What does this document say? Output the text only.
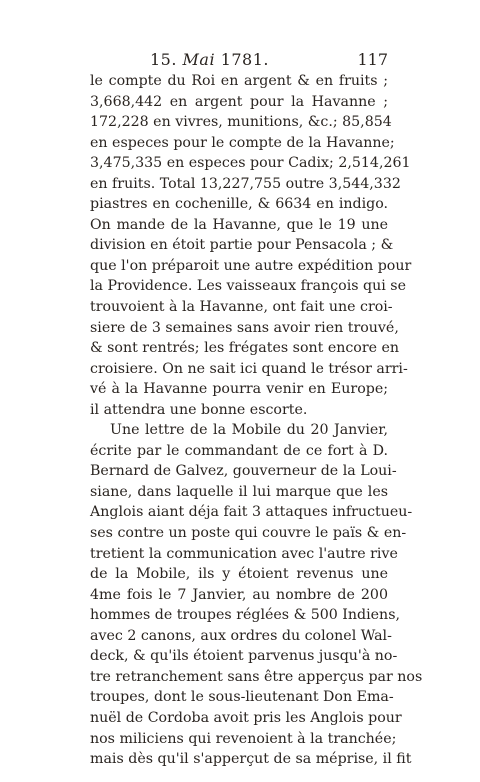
15. Mai 1781.	117
le compte du Roi en argent & en fruits ;
3,668,442 en argent pour la Havanne ;
172,228 en vivres, munitions, &c.; 85,854
en especes pour le compte de la Havanne;
3,475,335 en especes pour Cadix; 2,514,261
en fruits. Total 13,227,755 outre 3,544,332
piastres en cochenille, & 6634 en indigo.
On mande de la Havanne, que le 19 une
division en étoit partie pour Pensacola ; &
que l'on préparoit une autre expédition pour
la Providence. Les vaisseaux françois qui se
trouvoient à la Havanne, ont fait une croi-
siere de 3 semaines sans avoir rien trouvé,
& sont rentrés; les frégates sont encore en
croisiere. On ne sait ici quand le trésor arri-
vé à la Havanne pourra venir en Europe;
il attendra une bonne escorte.
Une lettre de la Mobile du 20 Janvier,
écrite par le commandant de ce fort à D.
Bernard de Galvez, gouverneur de la Loui-
siane, dans laquelle il lui marque que les
Anglois aiant déja fait 3 attaques infructueu-
ses contre un poste qui couvre le païs & en-
tretient la communication avec l'autre rive
de la Mobile, ils y étoient revenus une
4me fois le 7 Janvier, au nombre de 200
hommes de troupes réglées & 500 Indiens,
avec 2 canons, aux ordres du colonel Wal-
deck, & qu'ils étoient parvenus jusqu'à no-
tre retranchement sans être apperçus par nos
troupes, dont le sous-lieutenant Don Ema-
nuël de Cordoba avoit pris les Anglois pour
nos miliciens qui revenoient à la tranchée;
mais dès qu'il s'apperçut de sa méprise, il fit
